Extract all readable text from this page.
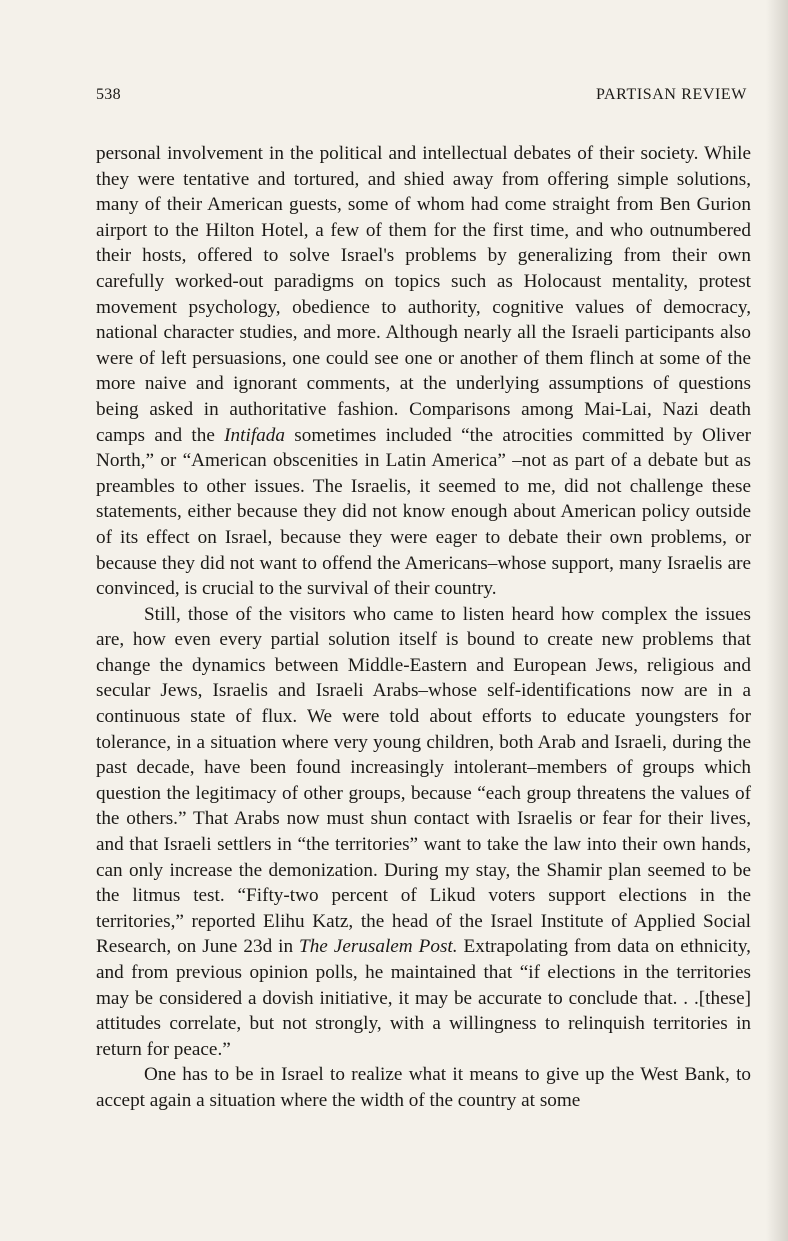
538	PARTISAN REVIEW

personal involvement in the political and intellectual debates of their society. While they were tentative and tortured, and shied away from offering simple solutions, many of their American guests, some of whom had come straight from Ben Gurion airport to the Hilton Hotel, a few of them for the first time, and who outnumbered their hosts, offered to solve Israel's problems by generalizing from their own carefully worked-out paradigms on topics such as Holocaust mentality, protest movement psychology, obedience to authority, cognitive values of democracy, national character studies, and more. Although nearly all the Israeli participants also were of left persuasions, one could see one or another of them flinch at some of the more naive and ignorant comments, at the underlying assumptions of questions being asked in authoritative fashion. Comparisons among Mai-Lai, Nazi death camps and the Intifada sometimes included “the atrocities committed by Oliver North,” or “American obscenities in Latin America” –not as part of a debate but as preambles to other issues. The Israelis, it seemed to me, did not challenge these statements, either because they did not know enough about American policy outside of its effect on Israel, because they were eager to debate their own problems, or because they did not want to offend the Americans–whose support, many Israelis are convinced, is crucial to the survival of their country.

Still, those of the visitors who came to listen heard how complex the issues are, how even every partial solution itself is bound to create new problems that change the dynamics between Middle-Eastern and European Jews, religious and secular Jews, Israelis and Israeli Arabs–whose self-identifications now are in a continuous state of flux. We were told about efforts to educate youngsters for tolerance, in a situation where very young children, both Arab and Israeli, during the past decade, have been found increasingly intolerant–members of groups which question the legitimacy of other groups, because “each group threatens the values of the others.” That Arabs now must shun contact with Israelis or fear for their lives, and that Israeli settlers in “the territories” want to take the law into their own hands, can only increase the demonization. During my stay, the Shamir plan seemed to be the litmus test. “Fifty-two percent of Likud voters support elections in the territories,” reported Elihu Katz, the head of the Israel Institute of Applied Social Research, on June 23d in The Jerusalem Post. Extrapolating from data on ethnicity, and from previous opinion polls, he maintained that “if elections in the territories may be considered a dovish initiative, it may be accurate to conclude that. . .[these] attitudes correlate, but not strongly, with a willingness to relinquish territories in return for peace.”

One has to be in Israel to realize what it means to give up the West Bank, to accept again a situation where the width of the country at some
